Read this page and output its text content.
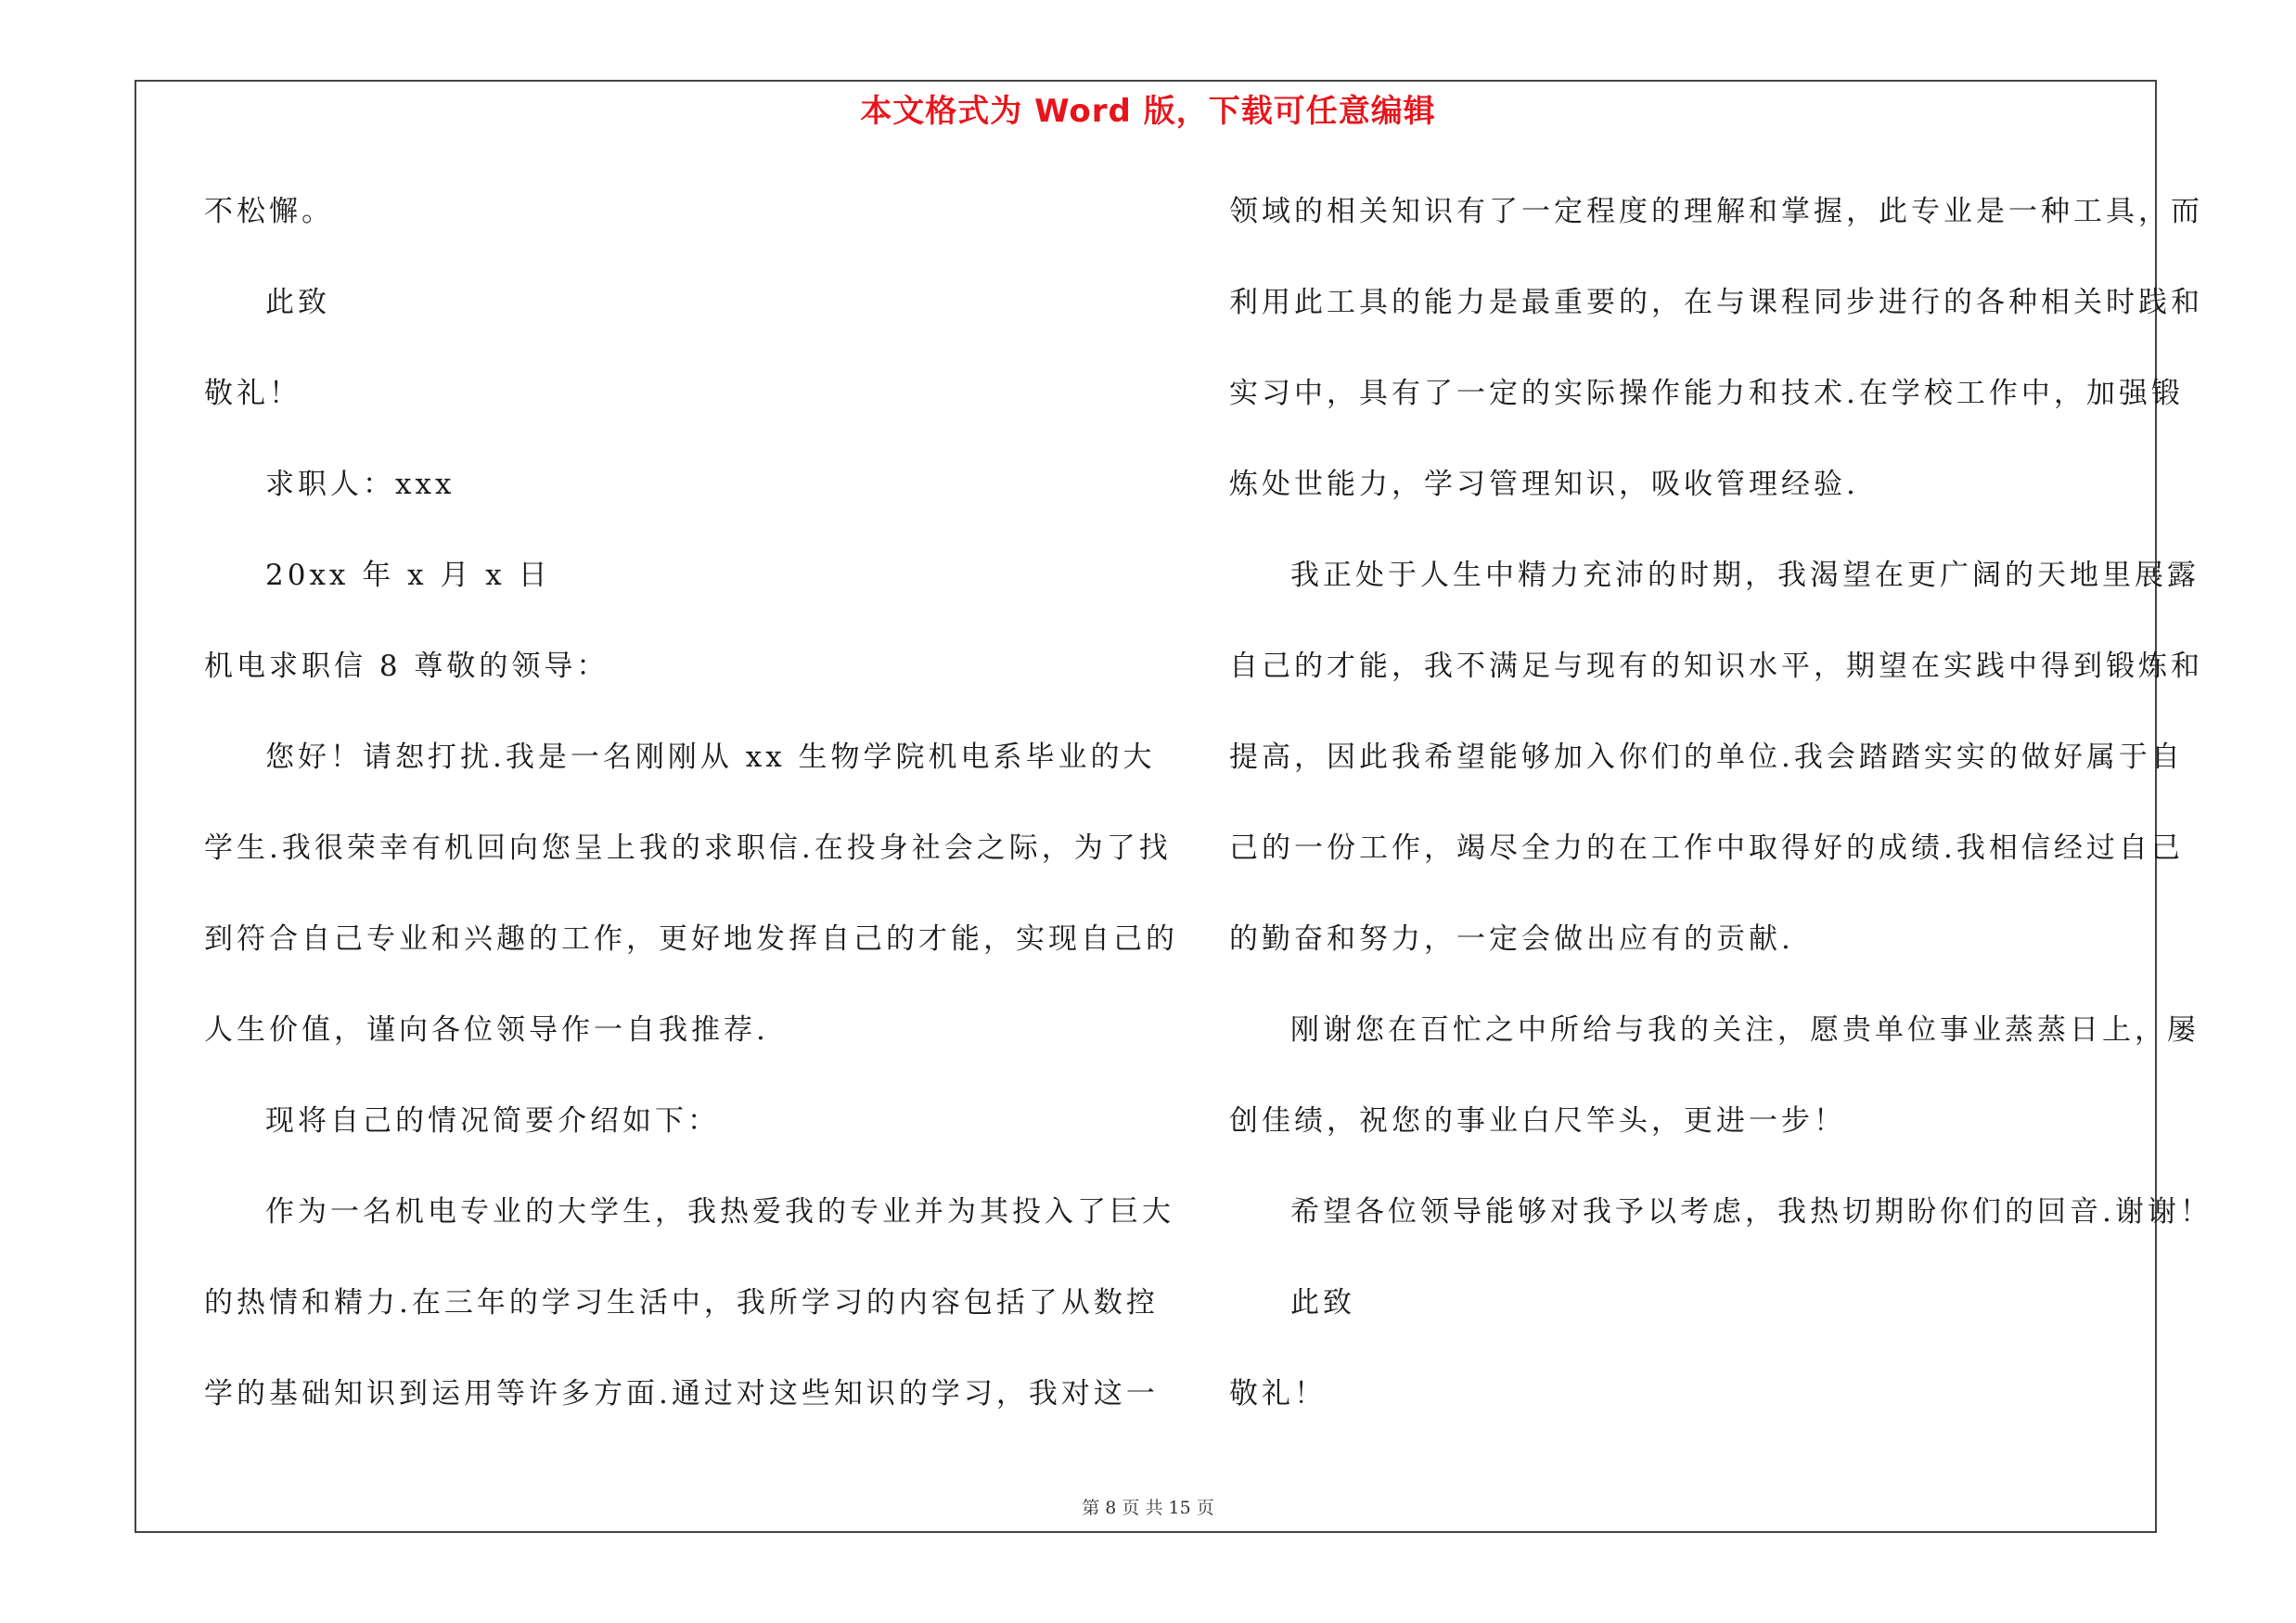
本文格式为 Word 版，下载可任意编辑
不松懈。
此致
敬礼！
求职人：xxx
20xx 年 x 月 x 日
机电求职信 8 尊敬的领导：
您好！请恕打扰.我是一名刚刚从 xx 生物学院机电系毕业的大
学生.我很荣幸有机回向您呈上我的求职信.在投身社会之际，为了找
到符合自己专业和兴趣的工作，更好地发挥自己的才能，实现自己的
人生价值，谨向各位领导作一自我推荐.
现将自己的情况简要介绍如下：
作为一名机电专业的大学生，我热爱我的专业并为其投入了巨大
的热情和精力.在三年的学习生活中，我所学习的内容包括了从数控
学的基础知识到运用等许多方面.通过对这些知识的学习，我对这一
领域的相关知识有了一定程度的理解和掌握，此专业是一种工具，而
利用此工具的能力是最重要的，在与课程同步进行的各种相关时践和
实习中，具有了一定的实际操作能力和技术.在学校工作中，加强锻
炼处世能力，学习管理知识，吸收管理经验.
我正处于人生中精力充沛的时期，我渴望在更广阔的天地里展露
自己的才能，我不满足与现有的知识水平，期望在实践中得到锻炼和
提高，因此我希望能够加入你们的单位.我会踏踏实实的做好属于自
己的一份工作，竭尽全力的在工作中取得好的成绩.我相信经过自己
的勤奋和努力，一定会做出应有的贡献.
刚谢您在百忙之中所给与我的关注，愿贵单位事业蒸蒸日上，屡
创佳绩，祝您的事业白尺竿头，更进一步！
希望各位领导能够对我予以考虑，我热切期盼你们的回音.谢谢！
此致
敬礼！
第 8 页 共 15 页
